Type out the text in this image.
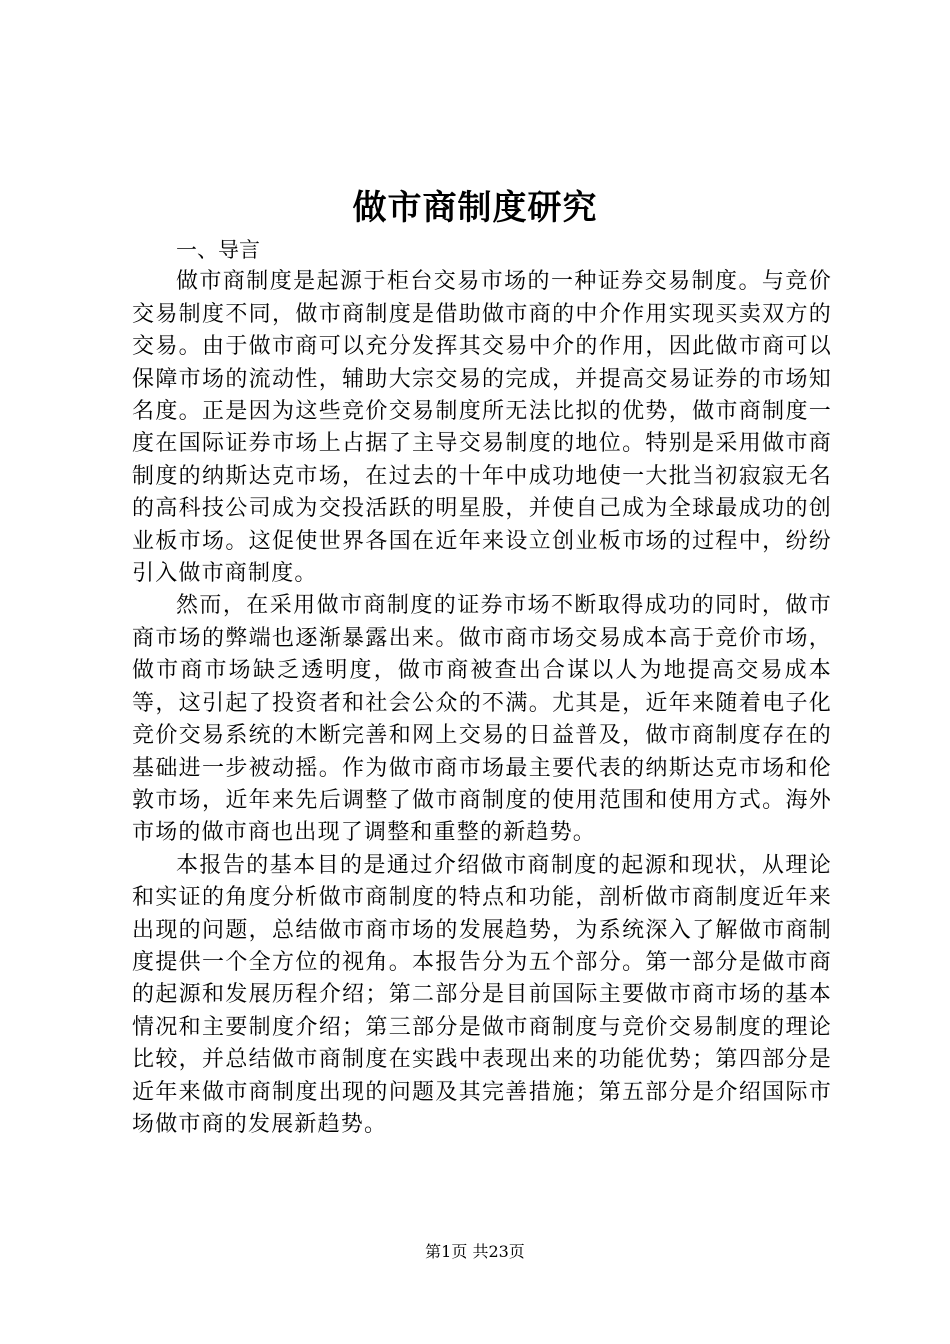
做市商制度研究

一、导言

做市商制度是起源于柜台交易市场的一种证券交易制度。与竞价交易制度不同，做市商制度是借助做市商的中介作用实现买卖双方的交易。由于做市商可以充分发挥其交易中介的作用，因此做市商可以保障市场的流动性，辅助大宗交易的完成，并提高交易证券的市场知名度。正是因为这些竞价交易制度所无法比拟的优势，做市商制度一度在国际证券市场上占据了主导交易制度的地位。特别是采用做市商制度的纳斯达克市场，在过去的十年中成功地使一大批当初寂寂无名的高科技公司成为交投活跃的明星股，并使自己成为全球最成功的创业板市场。这促使世界各国在近年来设立创业板市场的过程中，纷纷引入做市商制度。

然而，在采用做市商制度的证券市场不断取得成功的同时，做市商市场的弊端也逐渐暴露出来。做市商市场交易成本高于竞价市场，做市商市场缺乏透明度，做市商被查出合谋以人为地提高交易成本等，这引起了投资者和社会公众的不满。尤其是，近年来随着电子化竞价交易系统的木断完善和网上交易的日益普及，做市商制度存在的基础进一步被动摇。作为做市商市场最主要代表的纳斯达克市场和伦敦市场，近年来先后调整了做市商制度的使用范围和使用方式。海外市场的做市商也出现了调整和重整的新趋势。

本报告的基本目的是通过介绍做市商制度的起源和现状，从理论和实证的角度分析做市商制度的特点和功能，剖析做市商制度近年来出现的问题，总结做市商市场的发展趋势，为系统深入了解做市商制度提供一个全方位的视角。本报告分为五个部分。第一部分是做市商的起源和发展历程介绍；第二部分是目前国际主要做市商市场的基本情况和主要制度介绍；第三部分是做市商制度与竞价交易制度的理论比较，并总结做市商制度在实践中表现出来的功能优势；第四部分是近年来做市商制度出现的问题及其完善措施；第五部分是介绍国际市场做市商的发展新趋势。

第1页 共23页
